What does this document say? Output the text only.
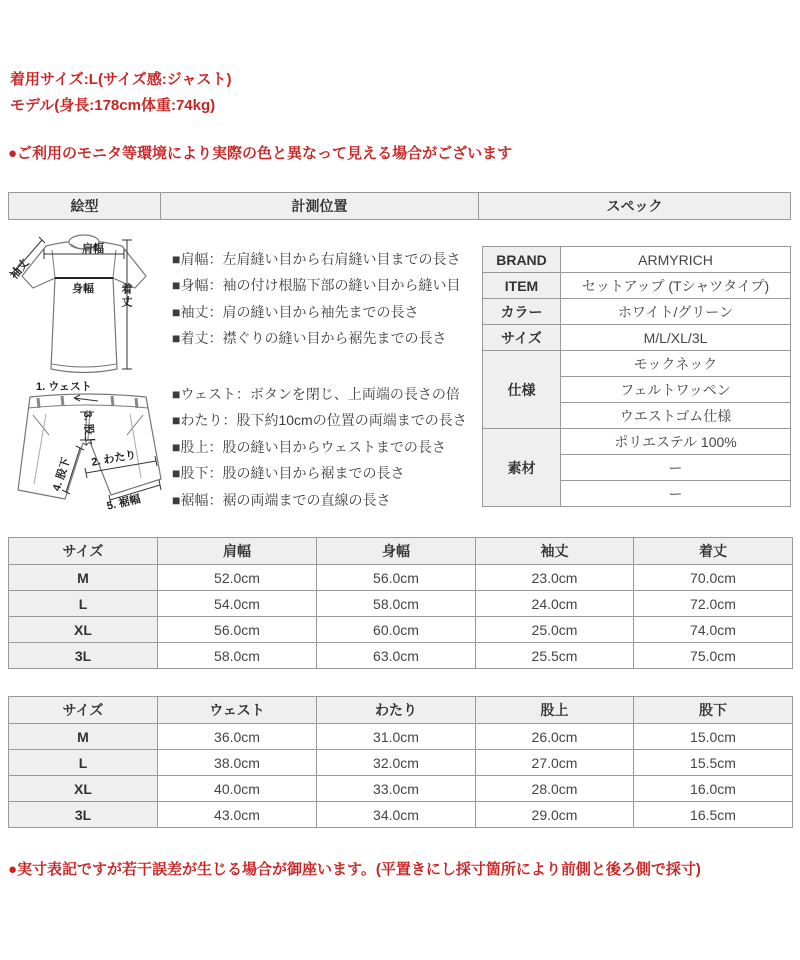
着用サイズ:L(サイズ感:ジャスト)
モデル(身長:178cm体重:74kg)
●ご利用のモニタ等環境により実際の色と異なって見える場合がございます
絵型	計測位置	スペック
肩幅
袖丈
身幅 着丈
1. ウェスト
3. 股上
2. わたり
4. 股下
5. 裾幅
■肩幅：左肩縫い目から右肩縫い目までの長さ
■身幅：袖の付け根脇下部の縫い目から縫い目
■袖丈：肩の縫い目から袖先までの長さ
■着丈：襟ぐりの縫い目から裾先までの長さ
■ウェスト：ボタンを閉じ、上両端の長さの倍
■わたり：股下約10cmの位置の両端までの長さ
■股上：股の縫い目からウェストまでの長さ
■股下：股の縫い目から裾までの長さ
■裾幅：裾の両端までの直線の長さ
BRAND	ARMYRICH
ITEM	セットアップ (Tシャツタイプ)
カラー	ホワイト/グリーン
サイズ	M/L/XL/3L
仕様	モックネック
	フェルトワッペン
	ウエストゴム仕様
素材	ポリエステル 100%
	ー
	ー
サイズ	肩幅	身幅	袖丈	着丈
M	52.0cm	56.0cm	23.0cm	70.0cm
L	54.0cm	58.0cm	24.0cm	72.0cm
XL	56.0cm	60.0cm	25.0cm	74.0cm
3L	58.0cm	63.0cm	25.5cm	75.0cm
サイズ	ウェスト	わたり	股上	股下
M	36.0cm	31.0cm	26.0cm	15.0cm
L	38.0cm	32.0cm	27.0cm	15.5cm
XL	40.0cm	33.0cm	28.0cm	16.0cm
3L	43.0cm	34.0cm	29.0cm	16.5cm
●実寸表記ですが若干誤差が生じる場合が御座います。(平置きにし採寸箇所により前側と後ろ側で採寸)
